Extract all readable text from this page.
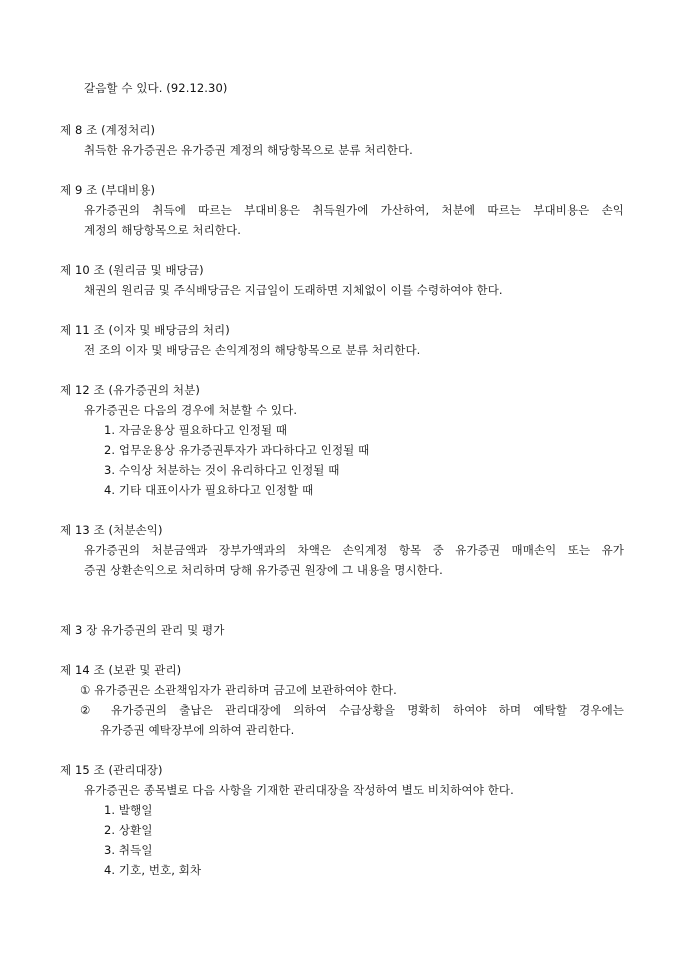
갈음할 수 있다. (92.12.30)
제 8 조 (계정처리)
취득한 유가증권은 유가증권 계정의 해당항목으로 분류 처리한다.
제 9 조 (부대비용)
유가증권의 취득에 따르는 부대비용은 취득원가에 가산하여, 처분에 따르는 부대비용은 손익
계정의 해당항목으로 처리한다.
제 10 조 (원리금 및 배당금)
채권의 원리금 및 주식배당금은 지급일이 도래하면 지체없이 이를 수령하여야 한다.
제 11 조 (이자 및 배당금의 처리)
전 조의 이자 및 배당금은 손익계정의 해당항목으로 분류 처리한다.
제 12 조 (유가증권의 처분)
유가증권은 다음의 경우에 처분할 수 있다.
1. 자금운용상 필요하다고 인정될 때
2. 업무운용상 유가증권투자가 과다하다고 인정될 때
3. 수익상 처분하는 것이 유리하다고 인정될 때
4. 기타 대표이사가 필요하다고 인정할 때
제 13 조 (처분손익)
유가증권의 처분금액과 장부가액과의 차액은 손익계정 항목 중 유가증권 매매손익 또는 유가
증권 상환손익으로 처리하며 당해 유가증권 원장에 그 내용을 명시한다.
제 3 장 유가증권의 관리 및 평가
제 14 조 (보관 및 관리)
① 유가증권은 소관책임자가 관리하며 금고에 보관하여야 한다.
② 유가증권의 출납은 관리대장에 의하여 수급상황을 명확히 하여야 하며 예탁할 경우에는
유가증권 예탁장부에 의하여 관리한다.
제 15 조 (관리대장)
유가증권은 종목별로 다음 사항을 기재한 관리대장을 작성하여 별도 비치하여야 한다.
1. 발행일
2. 상환일
3. 취득일
4. 기호, 번호, 회차
